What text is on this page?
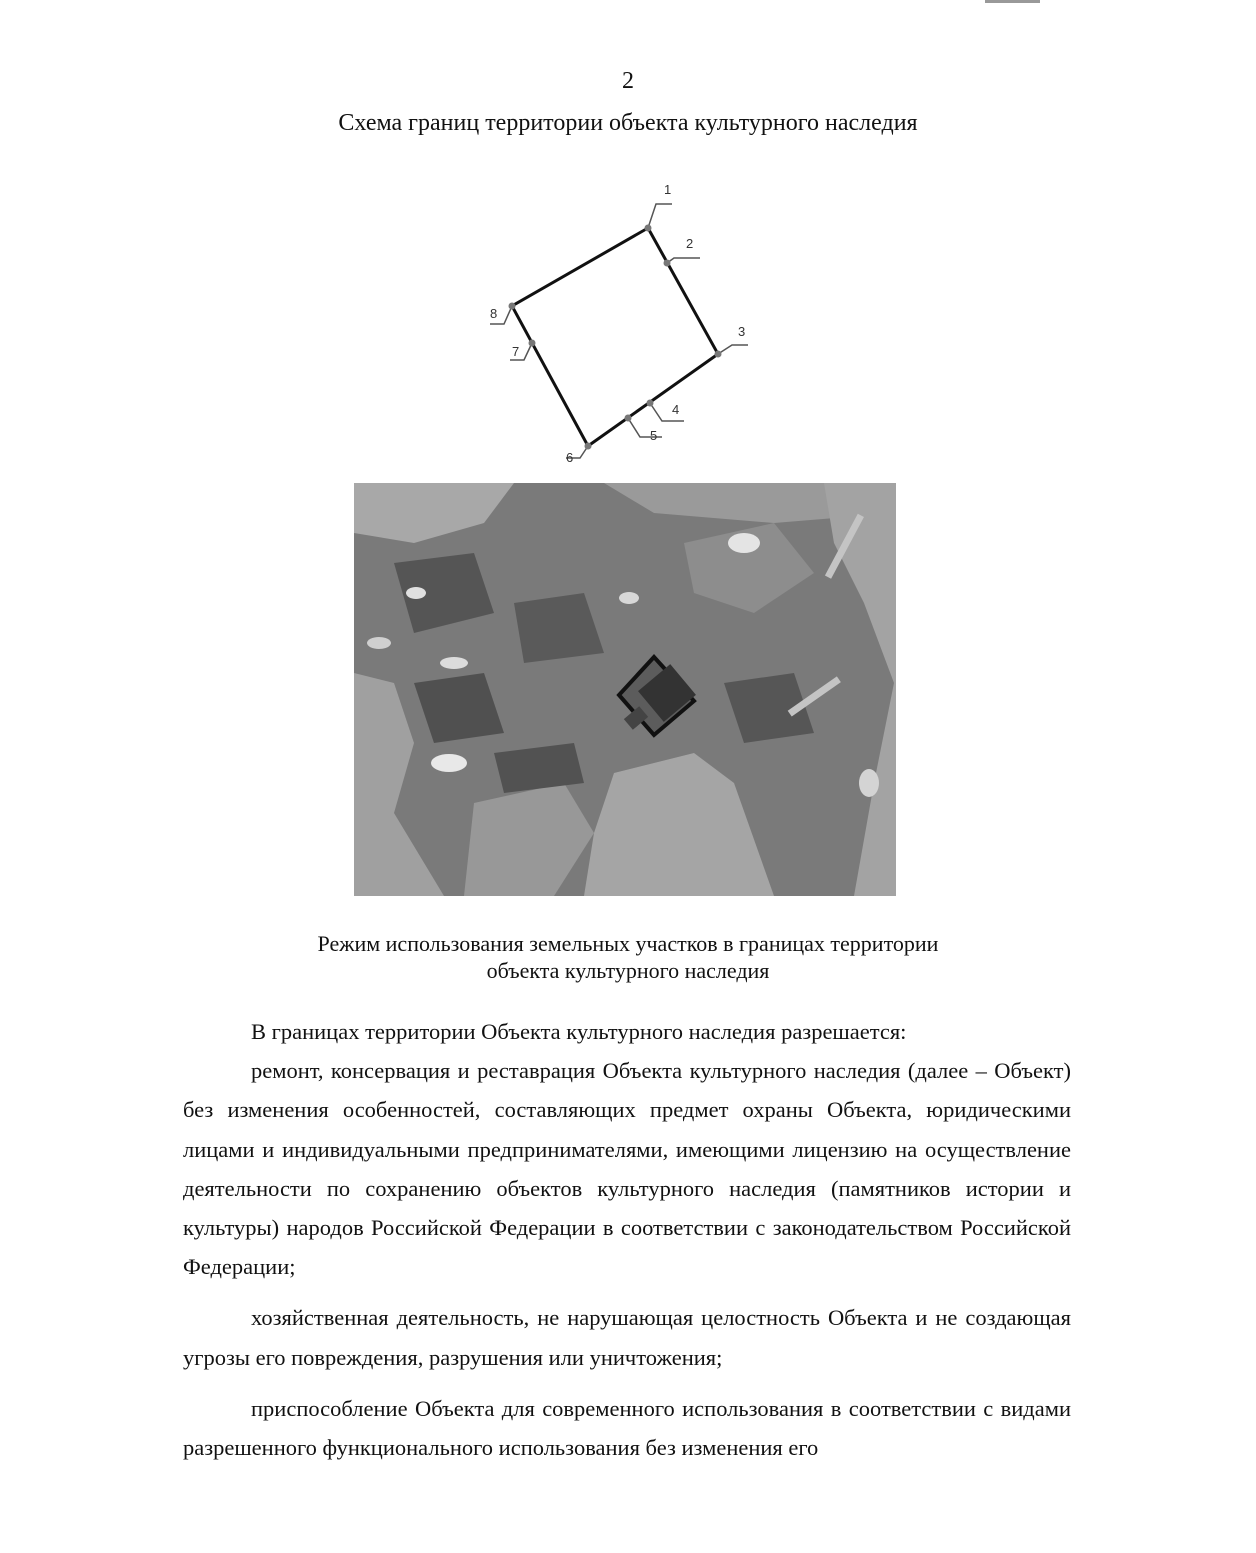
2
Схема границ территории объекта культурного наследия
1
2
3
4
5
6
7
8
Режим использования земельных участков в границах территории
объекта культурного наследия

В границах территории Объекта культурного наследия разрешается:

ремонт, консервация и реставрация Объекта культурного наследия (далее – Объект) без изменения особенностей, составляющих предмет охраны Объекта, юридическими лицами и индивидуальными предпринимателями, имеющими лицензию на осуществление деятельности по сохранению объектов культурного наследия (памятников истории и культуры) народов Российской Федерации в соответствии с законодательством Российской Федерации;

хозяйственная деятельность, не нарушающая целостность Объекта и не создающая угрозы его повреждения, разрушения или уничтожения;

приспособление Объекта для современного использования в соответствии с видами разрешенного функционального использования без изменения его
